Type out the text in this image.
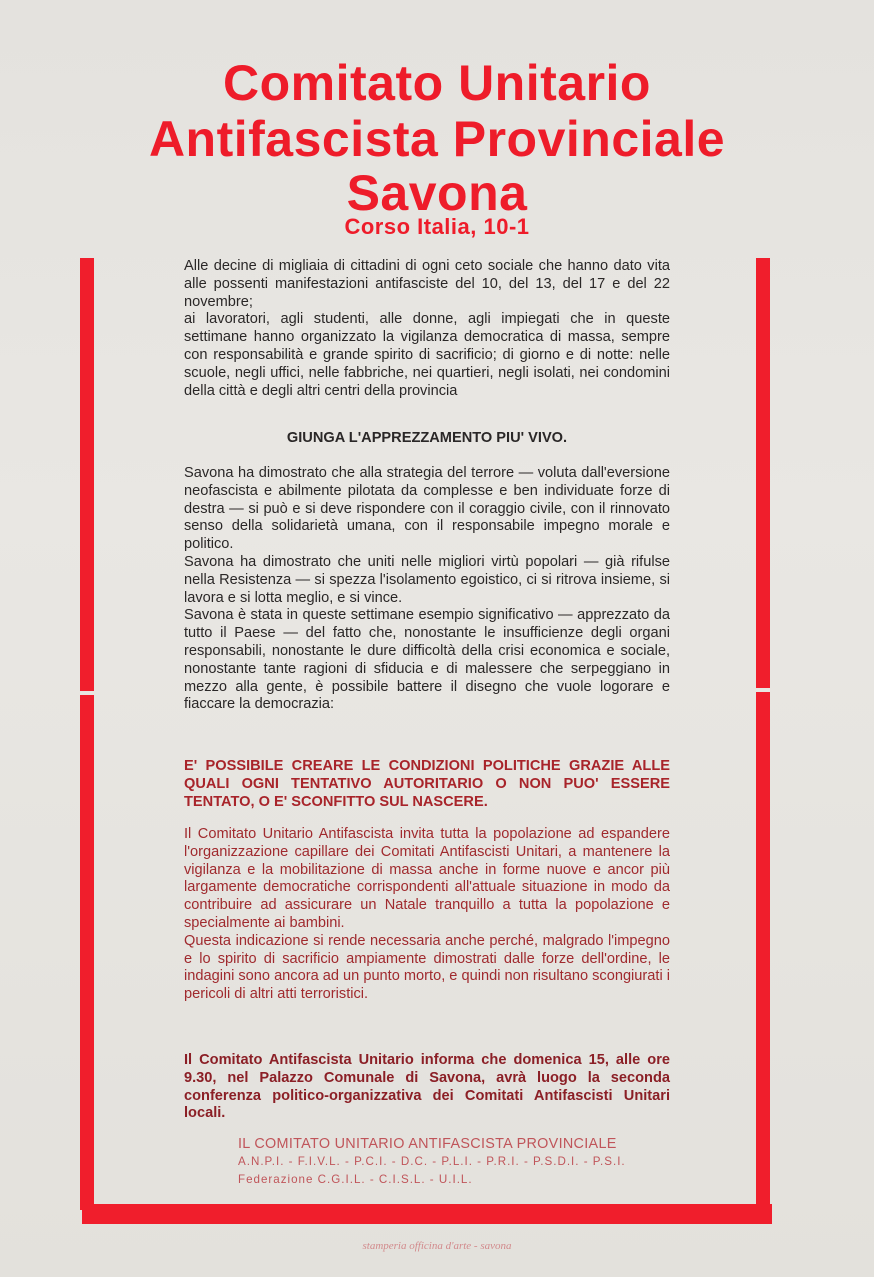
Comitato Unitario
Antifascista Provinciale
Savona
Corso Italia, 10-1

Alle decine di migliaia di cittadini di ogni ceto sociale che hanno dato vita alle possenti manifestazioni antifasciste del 10, del 13, del 17 e del 22 novembre;

ai lavoratori, agli studenti, alle donne, agli impiegati che in queste settimane hanno organizzato la vigilanza democratica di massa, sempre con responsabilità e grande spirito di sacrificio; di giorno e di notte: nelle scuole, negli uffici, nelle fabbriche, nei quartieri, negli isolati, nei condomini della città e degli altri centri della provincia

GIUNGA L'APPREZZAMENTO PIU' VIVO.

Savona ha dimostrato che alla strategia del terrore — voluta dall'eversione neofascista e abilmente pilotata da complesse e ben individuate forze di destra — si può e si deve rispondere con il coraggio civile, con il rinnovato senso della solidarietà umana, con il responsabile impegno morale e politico.

Savona ha dimostrato che uniti nelle migliori virtù popolari — già rifulse nella Resistenza — si spezza l'isolamento egoistico, ci si ritrova insieme, si lavora e si lotta meglio, e si vince.

Savona è stata in queste settimane esempio significativo — apprezzato da tutto il Paese — del fatto che, nonostante le insufficienze degli organi responsabili, nonostante le dure difficoltà della crisi economica e sociale, nonostante tante ragioni di sfiducia e di malessere che serpeggiano in mezzo alla gente, è possibile battere il disegno che vuole logorare e fiaccare la democrazia:

E' POSSIBILE CREARE LE CONDIZIONI POLITICHE GRAZIE ALLE QUALI OGNI TENTATIVO AUTORITARIO O NON PUO' ESSERE TENTATO, O E' SCONFITTO SUL NASCERE.

Il Comitato Unitario Antifascista invita tutta la popolazione ad espandere l'organizzazione capillare dei Comitati Antifascisti Unitari, a mantenere la vigilanza e la mobilitazione di massa anche in forme nuove e ancor più largamente democratiche corrispondenti all'attuale situazione in modo da contribuire ad assicurare un Natale tranquillo a tutta la popolazione e specialmente ai bambini.

Questa indicazione si rende necessaria anche perché, malgrado l'impegno e lo spirito di sacrificio ampiamente dimostrati dalle forze dell'ordine, le indagini sono ancora ad un punto morto, e quindi non risultano scongiurati i pericoli di altri atti terroristici.

Il Comitato Antifascista Unitario informa che domenica 15, alle ore 9.30, nel Palazzo Comunale di Savona, avrà luogo la seconda conferenza politico-organizzativa dei Comitati Antifascisti Unitari locali.

IL COMITATO UNITARIO ANTIFASCISTA PROVINCIALE

A.N.P.I. - F.I.V.L. - P.C.I. - D.C. - P.L.I. - P.R.I. - P.S.D.I. - P.S.I.

Federazione C.G.I.L. - C.I.S.L. - U.I.L.

stamperia officina d'arte - savona
